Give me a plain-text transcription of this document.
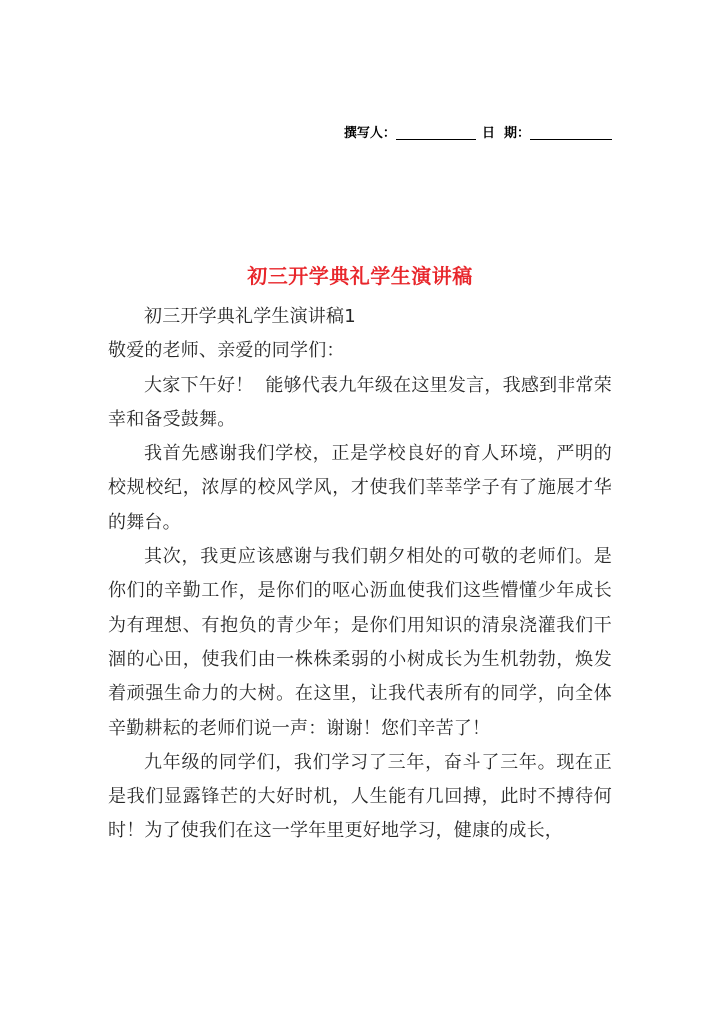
撰写人：	日  期：
初三开学典礼学生演讲稿

初三开学典礼学生演讲稿1

敬爱的老师、亲爱的同学们：

大家下午好！  能够代表九年级在这里发言，我感到非常荣幸和备受鼓舞。

我首先感谢我们学校，正是学校良好的育人环境，严明的校规校纪，浓厚的校风学风，才使我们莘莘学子有了施展才华的舞台。

其次，我更应该感谢与我们朝夕相处的可敬的老师们。是你们的辛勤工作，是你们的呕心沥血使我们这些懵懂少年成长为有理想、有抱负的青少年；是你们用知识的清泉浇灌我们干涸的心田，使我们由一株株柔弱的小树成长为生机勃勃，焕发着顽强生命力的大树。在这里，让我代表所有的同学，向全体辛勤耕耘的老师们说一声：谢谢！您们辛苦了！

九年级的同学们，我们学习了三年，奋斗了三年。现在正是我们显露锋芒的大好时机，人生能有几回搏，此时不搏待何时！为了使我们在这一学年里更好地学习，健康的成长，
